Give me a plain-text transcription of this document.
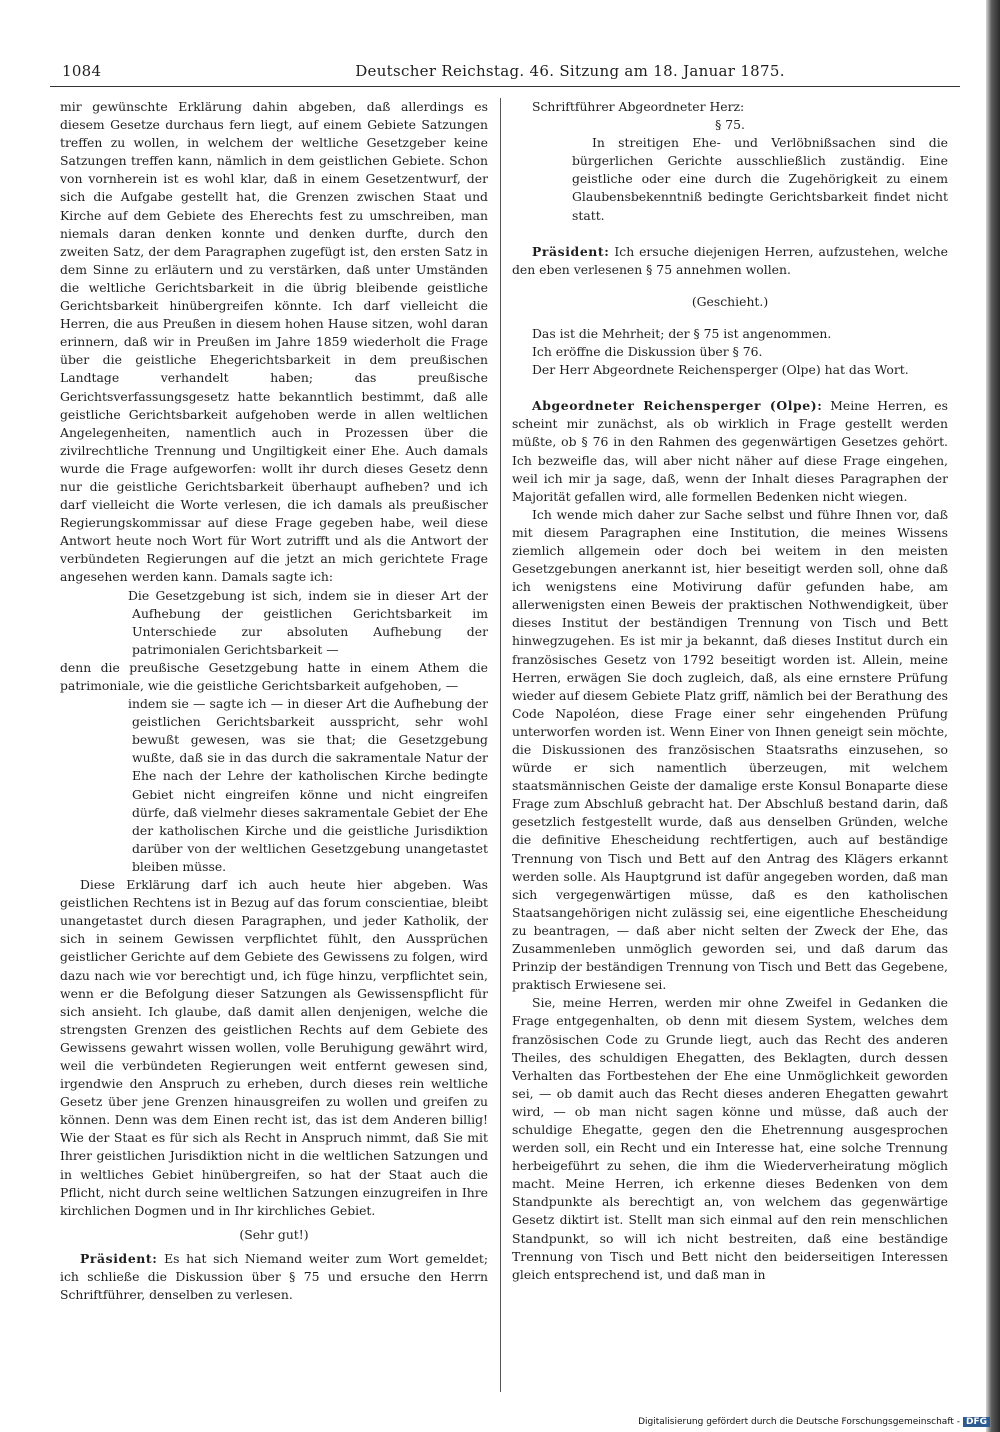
1084	Deutscher Reichstag. 46. Sitzung am 18. Januar 1875.

mir gewünschte Erklärung dahin abgeben, daß allerdings es diesem Gesetze durchaus fern liegt, auf einem Gebiete Satzungen treffen zu wollen, in welchem der weltliche Gesetzgeber keine Satzungen treffen kann, nämlich in dem geistlichen Gebiete. Schon von vornherein ist es wohl klar, daß in einem Gesetzentwurf, der sich die Aufgabe gestellt hat, die Grenzen zwischen Staat und Kirche auf dem Gebiete des Eherechts fest zu umschreiben, man niemals daran denken konnte und denken durfte, durch den zweiten Satz, der dem Paragraphen zugefügt ist, den ersten Satz in dem Sinne zu erläutern und zu verstärken, daß unter Umständen die weltliche Gerichtsbarkeit in die übrig bleibende geistliche Gerichtsbarkeit hinübergreifen könnte. Ich darf vielleicht die Herren, die aus Preußen in diesem hohen Hause sitzen, wohl daran erinnern, daß wir in Preußen im Jahre 1859 wiederholt die Frage über die geistliche Ehegerichtsbarkeit in dem preußischen Landtage verhandelt haben; das preußische Gerichtsverfassungsgesetz hatte bekanntlich bestimmt, daß alle geistliche Gerichtsbarkeit aufgehoben werde in allen weltlichen Angelegenheiten, namentlich auch in Prozessen über die zivilrechtliche Trennung und Ungiltigkeit einer Ehe. Auch damals wurde die Frage aufgeworfen: wollt ihr durch dieses Gesetz denn nur die geistliche Gerichtsbarkeit überhaupt aufheben? und ich darf vielleicht die Worte verlesen, die ich damals als preußischer Regierungskommissar auf diese Frage gegeben habe, weil diese Antwort heute noch Wort für Wort zutrifft und als die Antwort der verbündeten Regierungen auf die jetzt an mich gerichtete Frage angesehen werden kann. Damals sagte ich:

Die Gesetzgebung ist sich, indem sie in dieser Art der Aufhebung der geistlichen Gerichtsbarkeit im Unterschiede zur absoluten Aufhebung der patrimonialen Gerichtsbarkeit —

denn die preußische Gesetzgebung hatte in einem Athem die patrimoniale, wie die geistliche Gerichtsbarkeit aufgehoben, —

indem sie — sagte ich — in dieser Art die Aufhebung der geistlichen Gerichtsbarkeit ausspricht, sehr wohl bewußt gewesen, was sie that; die Gesetzgebung wußte, daß sie in das durch die sakramentale Natur der Ehe nach der Lehre der katholischen Kirche bedingte Gebiet nicht eingreifen könne und nicht eingreifen dürfe, daß vielmehr dieses sakramentale Gebiet der Ehe der katholischen Kirche und die geistliche Jurisdiktion darüber von der weltlichen Gesetzgebung unangetastet bleiben müsse.

Diese Erklärung darf ich auch heute hier abgeben. Was geistlichen Rechtens ist in Bezug auf das forum conscientiae, bleibt unangetastet durch diesen Paragraphen, und jeder Katholik, der sich in seinem Gewissen verpflichtet fühlt, den Aussprüchen geistlicher Gerichte auf dem Gebiete des Gewissens zu folgen, wird dazu nach wie vor berechtigt und, ich füge hinzu, verpflichtet sein, wenn er die Befolgung dieser Satzungen als Gewissenspflicht für sich ansieht. Ich glaube, daß damit allen denjenigen, welche die strengsten Grenzen des geistlichen Rechts auf dem Gebiete des Gewissens gewahrt wissen wollen, volle Beruhigung gewährt wird, weil die verbündeten Regierungen weit entfernt gewesen sind, irgendwie den Anspruch zu erheben, durch dieses rein weltliche Gesetz über jene Grenzen hinausgreifen zu wollen und greifen zu können. Denn was dem Einen recht ist, das ist dem Anderen billig! Wie der Staat es für sich als Recht in Anspruch nimmt, daß Sie mit Ihrer geistlichen Jurisdiktion nicht in die weltlichen Satzungen und in weltliches Gebiet hinübergreifen, so hat der Staat auch die Pflicht, nicht durch seine weltlichen Satzungen einzugreifen in Ihre kirchlichen Dogmen und in Ihr kirchliches Gebiet.

(Sehr gut!)

Präsident: Es hat sich Niemand weiter zum Wort gemeldet; ich schließe die Diskussion über § 75 und ersuche den Herrn Schriftführer, denselben zu verlesen.

Schriftführer Abgeordneter Herz:

§ 75.

In streitigen Ehe- und Verlöbnißsachen sind die bürgerlichen Gerichte ausschließlich zuständig. Eine geistliche oder eine durch die Zugehörigkeit zu einem Glaubensbekenntniß bedingte Gerichtsbarkeit findet nicht statt.

Präsident: Ich ersuche diejenigen Herren, aufzustehen, welche den eben verlesenen § 75 annehmen wollen.

(Geschieht.)

Das ist die Mehrheit; der § 75 ist angenommen.

Ich eröffne die Diskussion über § 76.

Der Herr Abgeordnete Reichensperger (Olpe) hat das Wort.

Abgeordneter Reichensperger (Olpe): Meine Herren, es scheint mir zunächst, als ob wirklich in Frage gestellt werden müßte, ob § 76 in den Rahmen des gegenwärtigen Gesetzes gehört. Ich bezweifle das, will aber nicht näher auf diese Frage eingehen, weil ich mir ja sage, daß, wenn der Inhalt dieses Paragraphen der Majorität gefallen wird, alle formellen Bedenken nicht wiegen.

Ich wende mich daher zur Sache selbst und führe Ihnen vor, daß mit diesem Paragraphen eine Institution, die meines Wissens ziemlich allgemein oder doch bei weitem in den meisten Gesetzgebungen anerkannt ist, hier beseitigt werden soll, ohne daß ich wenigstens eine Motivirung dafür gefunden habe, am allerwenigsten einen Beweis der praktischen Nothwendigkeit, über dieses Institut der beständigen Trennung von Tisch und Bett hinwegzugehen. Es ist mir ja bekannt, daß dieses Institut durch ein französisches Gesetz von 1792 beseitigt worden ist. Allein, meine Herren, erwägen Sie doch zugleich, daß, als eine ernstere Prüfung wieder auf diesem Gebiete Platz griff, nämlich bei der Berathung des Code Napoléon, diese Frage einer sehr eingehenden Prüfung unterworfen worden ist. Wenn Einer von Ihnen geneigt sein möchte, die Diskussionen des französischen Staatsraths einzusehen, so würde er sich namentlich überzeugen, mit welchem staatsmännischen Geiste der damalige erste Konsul Bonaparte diese Frage zum Abschluß gebracht hat. Der Abschluß bestand darin, daß gesetzlich festgestellt wurde, daß aus denselben Gründen, welche die definitive Ehescheidung rechtfertigen, auch auf beständige Trennung von Tisch und Bett auf den Antrag des Klägers erkannt werden solle. Als Hauptgrund ist dafür angegeben worden, daß man sich vergegenwärtigen müsse, daß es den katholischen Staatsangehörigen nicht zulässig sei, eine eigentliche Ehescheidung zu beantragen, — daß aber nicht selten der Zweck der Ehe, das Zusammenleben unmöglich geworden sei, und daß darum das Prinzip der beständigen Trennung von Tisch und Bett das Gegebene, praktisch Erwiesene sei.

Sie, meine Herren, werden mir ohne Zweifel in Gedanken die Frage entgegenhalten, ob denn mit diesem System, welches dem französischen Code zu Grunde liegt, auch das Recht des anderen Theiles, des schuldigen Ehegatten, des Beklagten, durch dessen Verhalten das Fortbestehen der Ehe eine Unmöglichkeit geworden sei, — ob damit auch das Recht dieses anderen Ehegatten gewahrt wird, — ob man nicht sagen könne und müsse, daß auch der schuldige Ehegatte, gegen den die Ehetrennung ausgesprochen werden soll, ein Recht und ein Interesse hat, eine solche Trennung herbeigeführt zu sehen, die ihm die Wiederverheiratung möglich macht. Meine Herren, ich erkenne dieses Bedenken von dem Standpunkte als berechtigt an, von welchem das gegenwärtige Gesetz diktirt ist. Stellt man sich einmal auf den rein menschlichen Standpunkt, so will ich nicht bestreiten, daß eine beständige Trennung von Tisch und Bett nicht den beiderseitigen Interessen gleich entsprechend ist, und daß man in

Digitalisierung gefördert durch die Deutsche Forschungsgemeinschaft - DFG
